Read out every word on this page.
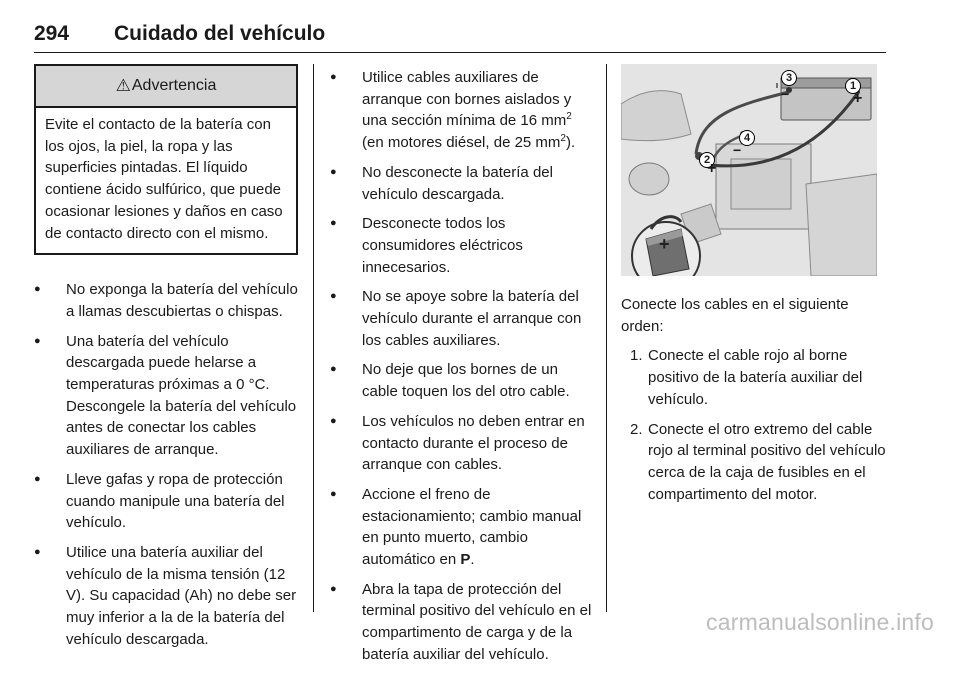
294 Cuidado del vehículo
⚠ Advertencia
Evite el contacto de la batería con los ojos, la piel, la ropa y las superficies pintadas. El líquido contiene ácido sulfúrico, que puede ocasionar lesiones y daños en caso de contacto directo con el mismo.
● No exponga la batería del vehículo a llamas descubiertas o chispas.
● Una batería del vehículo descargada puede helarse a temperaturas próximas a 0 °C. Descongele la batería del vehículo antes de conectar los cables auxiliares de arranque.
● Lleve gafas y ropa de protección cuando manipule una batería del vehículo.
● Utilice una batería auxiliar del vehículo de la misma tensión (12 V). Su capacidad (Ah) no debe ser muy inferior a la de la batería del vehículo descargada.
● Utilice cables auxiliares de arranque con bornes aislados y una sección mínima de 16 $mm^2$ (en motores diésel, de 25 $mm^2$).
● No desconecte la batería del vehículo descargada.
● Desconecte todos los consumidores eléctricos innecesarios.
● No se apoye sobre la batería del vehículo durante el arranque con los cables auxiliares.
● No deje que los bornes de un cable toquen los del otro cable.
● Los vehículos no deben entrar en contacto durante el proceso de arranque con cables.
● Accione el freno de estacionamiento; cambio manual en punto muerto, cambio automático en P.
● Abra la tapa de protección del terminal positivo del vehículo en el compartimento de carga y de la batería auxiliar del vehículo.
1
2
3
4
+
+
−
−
+
Conecte los cables en el siguiente orden:
1. Conecte el cable rojo al borne positivo de la batería auxiliar del vehículo.
2. Conecte el otro extremo del cable rojo al terminal positivo del vehículo cerca de la caja de fusibles en el compartimento del motor.
carmanualsonline.info
